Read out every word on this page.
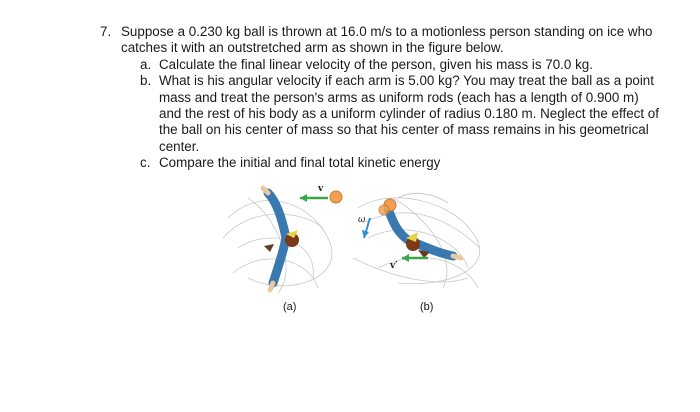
7. Suppose a 0.230 kg ball is thrown at 16.0 m/s to a motionless person standing on ice who catches it with an outstretched arm as shown in the figure below.
a. Calculate the final linear velocity of the person, given his mass is 70.0 kg.
b. What is his angular velocity if each arm is 5.00 kg? You may treat the ball as a point mass and treat the person's arms as uniform rods (each has a length of 0.900 m) and the rest of his body as a uniform cylinder of radius 0.180 m. Neglect the effect of the ball on his center of mass so that his center of mass remains in his geometrical center.
c. Compare the initial and final total kinetic energy
v
v′
ω
(a)	(b)
